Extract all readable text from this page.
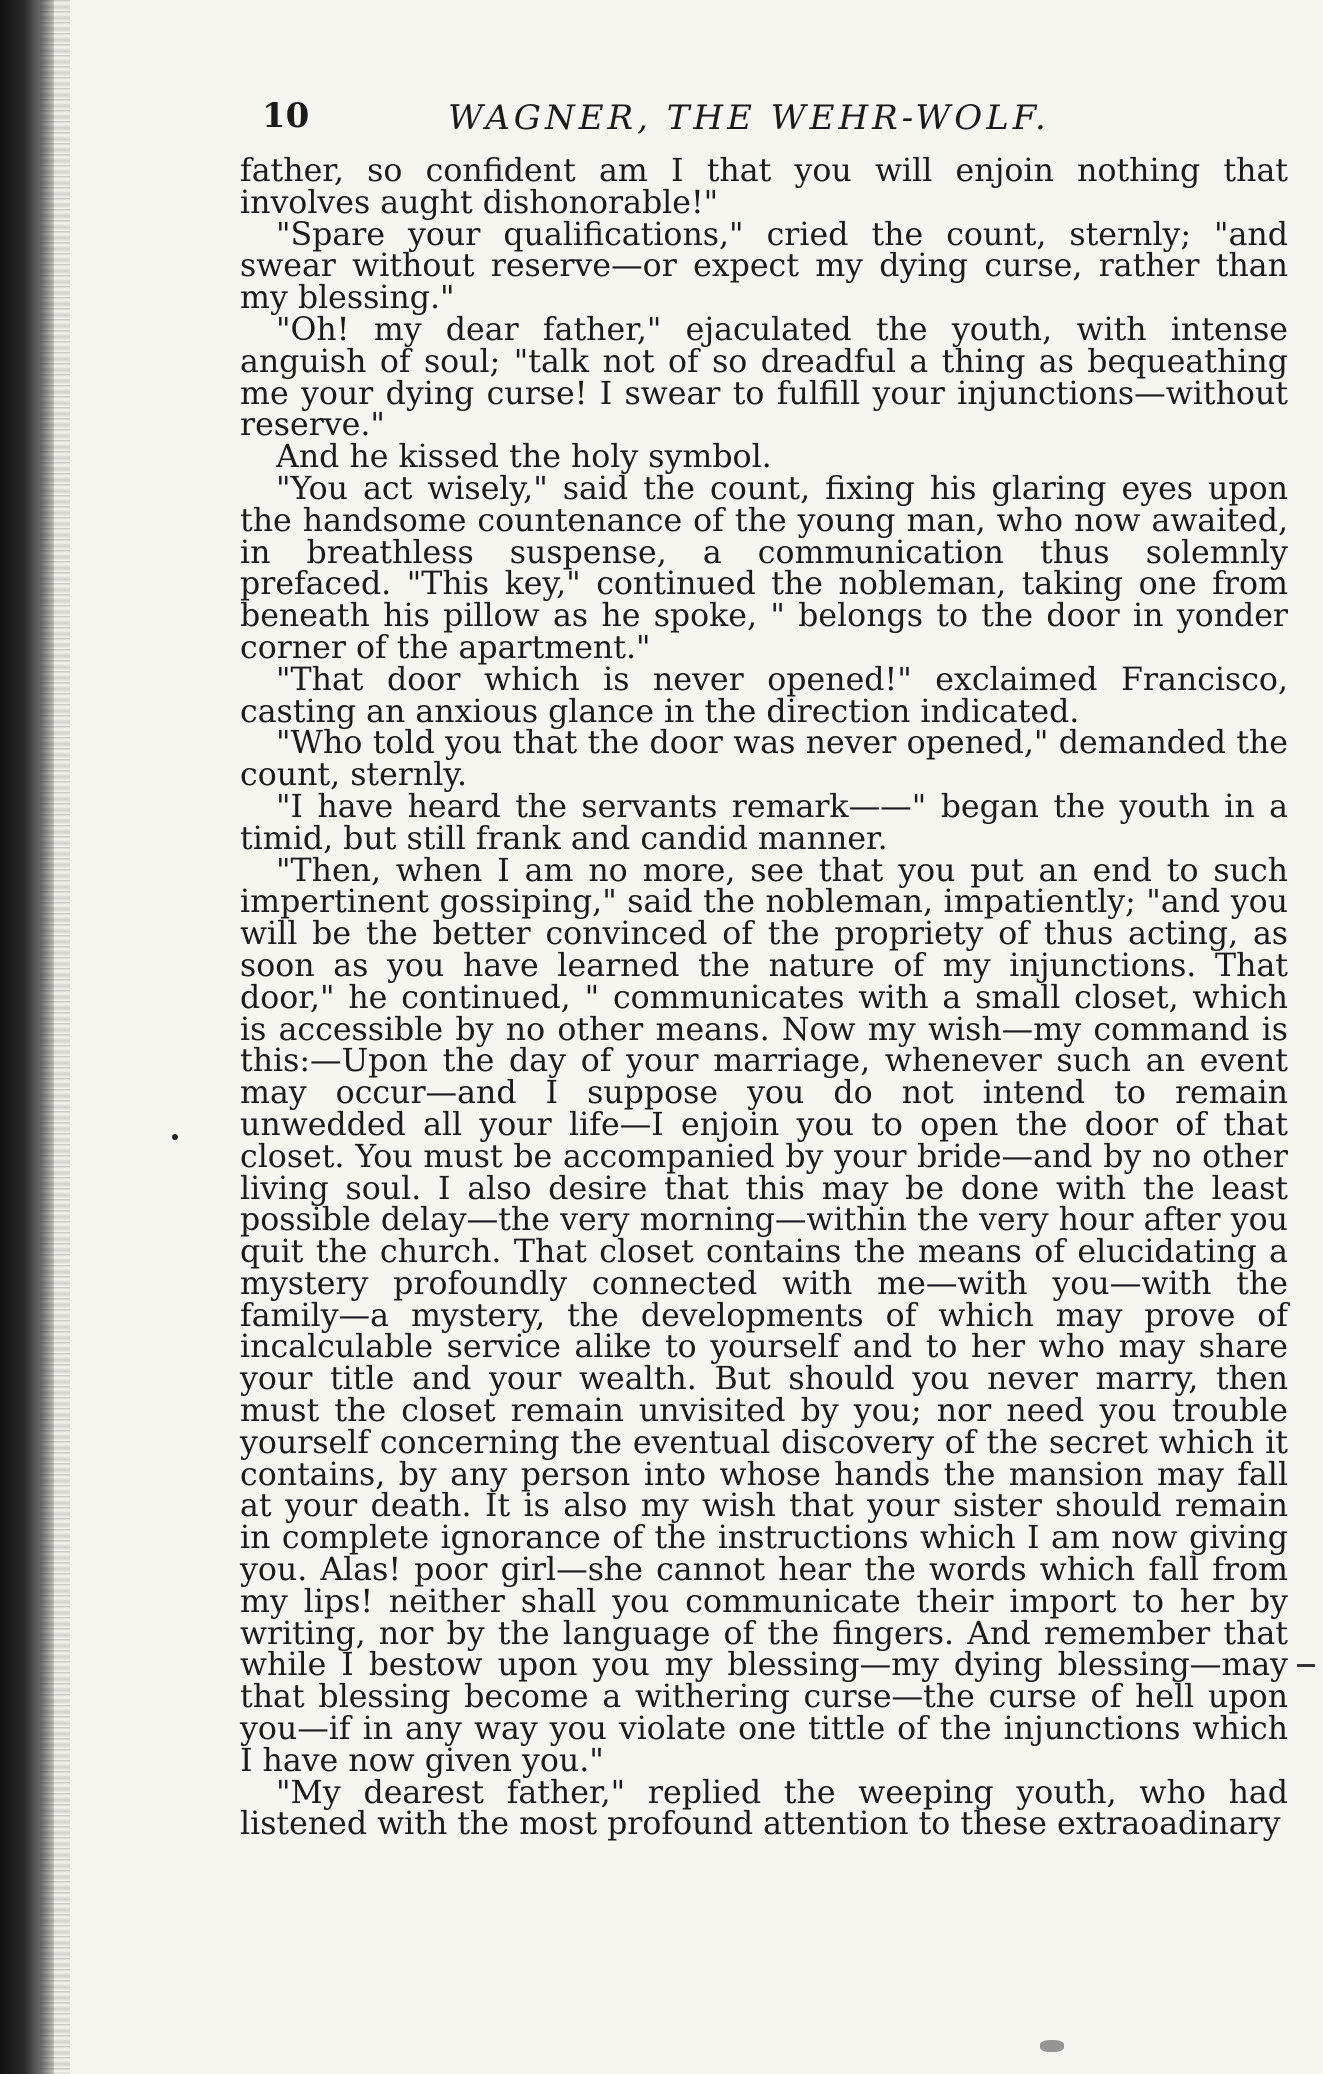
10	WAGNER, THE WEHR-WOLF.

father, so confident am I that you will enjoin nothing that involves aught dishonorable!"

"Spare your qualifications," cried the count, sternly; "and swear without reserve—or expect my dying curse, rather than my blessing."

"Oh! my dear father," ejaculated the youth, with intense anguish of soul; "talk not of so dreadful a thing as bequeathing me your dying curse! I swear to fulfill your injunctions—without reserve."

And he kissed the holy symbol.

"You act wisely," said the count, fixing his glaring eyes upon the handsome countenance of the young man, who now awaited, in breathless suspense, a communication thus solemnly prefaced. "This key," continued the nobleman, taking one from beneath his pillow as he spoke, " belongs to the door in yonder corner of the apartment."

"That door which is never opened!" exclaimed Francisco, casting an anxious glance in the direction indicated.

"Who told you that the door was never opened," demanded the count, sternly.

"I have heard the servants remark——" began the youth in a timid, but still frank and candid manner.

"Then, when I am no more, see that you put an end to such impertinent gossiping," said the nobleman, impatiently; "and you will be the better convinced of the propriety of thus acting, as soon as you have learned the nature of my injunctions. That door," he continued, " communicates with a small closet, which is accessible by no other means. Now my wish—my command is this:—Upon the day of your marriage, whenever such an event may occur—and I suppose you do not intend to remain unwedded all your life—I enjoin you to open the door of that closet. You must be accompanied by your bride—and by no other living soul. I also desire that this may be done with the least possible delay—the very morning—within the very hour after you quit the church. That closet contains the means of elucidating a mystery profoundly connected with me—with you—with the family—a mystery, the developments of which may prove of incalculable service alike to yourself and to her who may share your title and your wealth. But should you never marry, then must the closet remain unvisited by you; nor need you trouble yourself concerning the eventual discovery of the secret which it contains, by any person into whose hands the mansion may fall at your death. It is also my wish that your sister should remain in complete ignorance of the instructions which I am now giving you. Alas! poor girl—she cannot hear the words which fall from my lips! neither shall you communicate their import to her by writing, nor by the language of the fingers. And remember that while I bestow upon you my blessing—my dying blessing—may that blessing become a withering curse—the curse of hell upon you—if in any way you violate one tittle of the injunctions which I have now given you."

"My dearest father," replied the weeping youth, who had listened with the most profound attention to these extraoadinary
